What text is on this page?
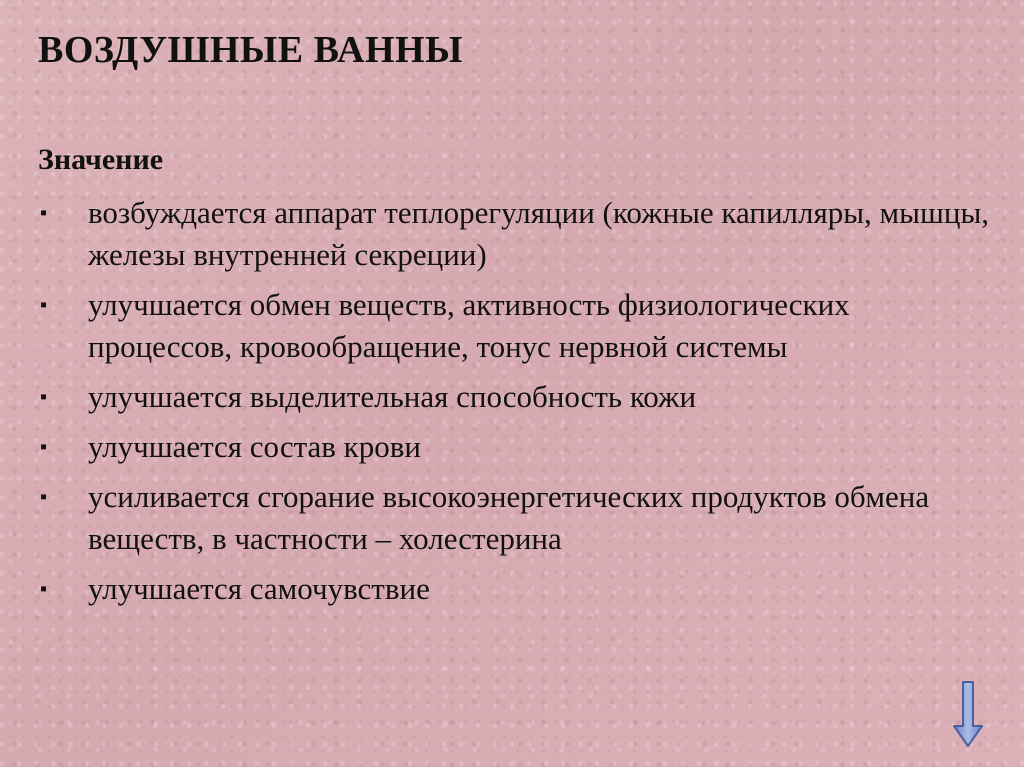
ВОЗДУШНЫЕ ВАННЫ
Значение
▪ возбуждается аппарат теплорегуляции (кожные капилляры, мышцы, железы внутренней секреции)
▪ улучшается обмен веществ, активность физиологических процессов, кровообращение, тонус нервной системы
▪ улучшается выделительная способность кожи
▪ улучшается состав крови
▪ усиливается сгорание высокоэнергетических продуктов обмена веществ, в частности – холестерина
▪ улучшается самочувствие
